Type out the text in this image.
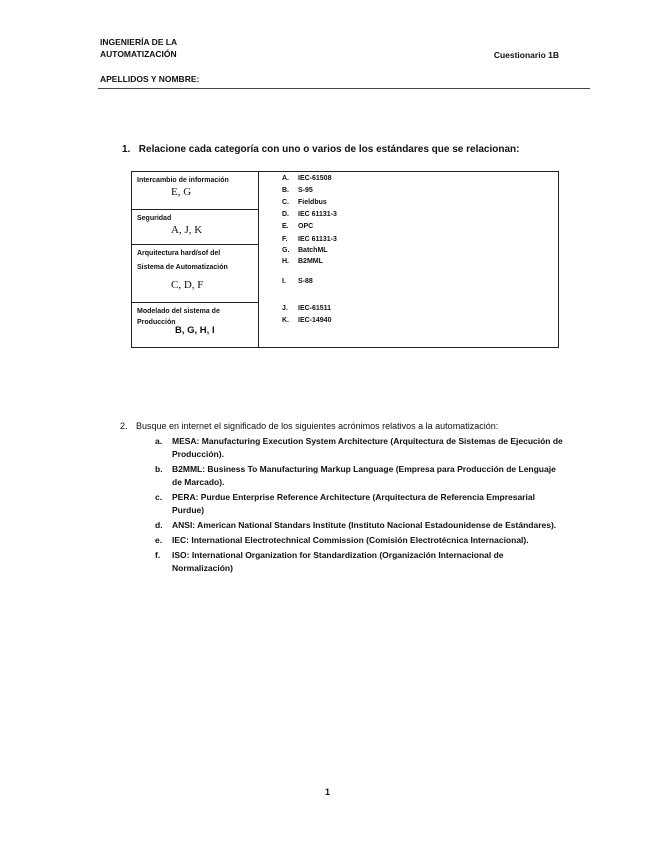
INGENIERÍA DE LA
AUTOMATIZACIÓN	Cuestionario 1B
APELLIDOS Y NOMBRE:
1. Relacione cada categoría con uno o varios de los estándares que se relacionan:
Intercambio de información
E, G
Seguridad
A, J, K
Arquitectura hard/sof del Sistema de Automatización
C, D, F
Modelado del sistema de Producción
B, G, H, I
A. IEC-61508
B. S-95
C. Fieldbus
D. IEC 61131-3
E. OPC
F. IEC 61131-3
G. BatchML
H. B2MML
I. S-88
J. IEC-61511
K. IEC-14940
2. Busque en internet el significado de los siguientes acrónimos relativos a la automatización:
a.	MESA: Manufacturing Execution System Architecture (Arquitectura de Sistemas de Ejecución de Producción).
b.	B2MML: Business To Manufacturing Markup Language (Empresa para Producción de Lenguaje de Marcado).
c.	PERA: Purdue Enterprise Reference Architecture (Arquitectura de Referencia Empresarial Purdue)
d.	ANSI: American National Standars Institute (Instituto Nacional Estadounidense de Estándares).
e.	IEC: International Electrotechnical Commission (Comisión Electrotécnica Internacional).
f.	ISO: International Organization for Standardization (Organización Internacional de Normalización)
1
